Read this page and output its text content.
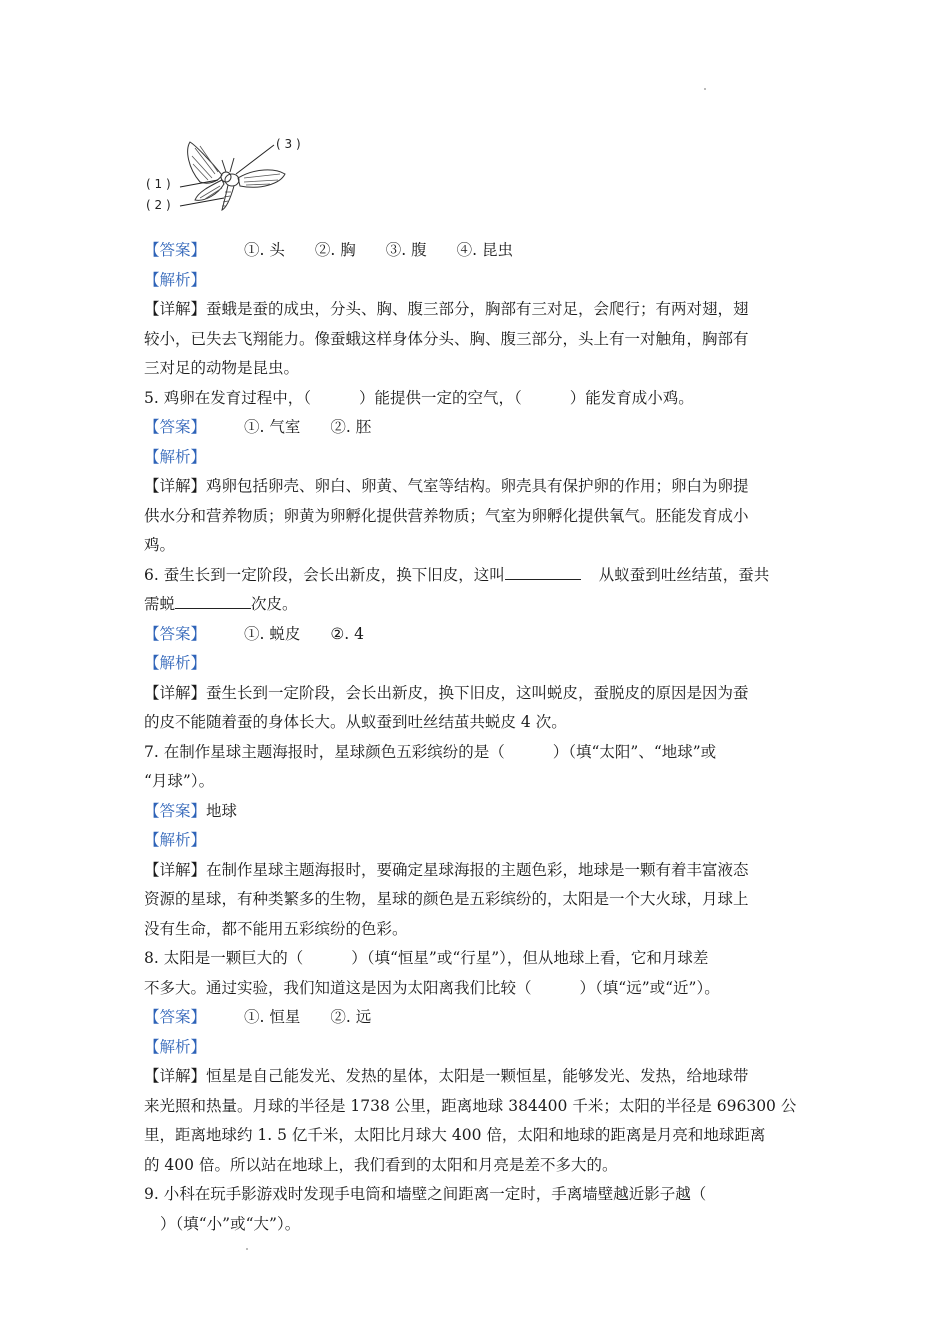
( 1 )
( 2 )
( 3 )
【答案】 ①. 头 ②. 胸 ③. 腹 ④. 昆虫
【解析】
【详解】蚕蛾是蚕的成虫，分头、胸、腹三部分，胸部有三对足，会爬行；有两对翅，翅
较小，已失去飞翔能力。像蚕蛾这样身体分头、胸、腹三部分，头上有一对触角，胸部有
三对足的动物是昆虫。
5. 鸡卵在发育过程中，（	）能提供一定的空气，（	）能发育成小鸡。
【答案】 ①. 气室 ②. 胚
【解析】
【详解】鸡卵包括卵壳、卵白、卵黄、气室等结构。卵壳具有保护卵的作用；卵白为卵提
供水分和营养物质；卵黄为卵孵化提供营养物质；气室为卵孵化提供氧气。胚能发育成小
鸡。
6. 蚕生长到一定阶段，会长出新皮，换下旧皮，这叫	从蚁蚕到吐丝结茧，蚕共
需蜕	次皮。
【答案】 ①. 蜕皮 ②. 4
【解析】
【详解】蚕生长到一定阶段，会长出新皮，换下旧皮，这叫蜕皮，蚕脱皮的原因是因为蚕
的皮不能随着蚕的身体长大。从蚁蚕到吐丝结茧共蜕皮 4 次。
7. 在制作星球主题海报时，星球颜色五彩缤纷的是（	）（填“太阳”、“地球”或
“月球”）。
【答案】地球
【解析】
【详解】在制作星球主题海报时，要确定星球海报的主题色彩，地球是一颗有着丰富液态
资源的星球，有种类繁多的生物，星球的颜色是五彩缤纷的，太阳是一个大火球，月球上
没有生命，都不能用五彩缤纷的色彩。
8. 太阳是一颗巨大的（	）（填“恒星”或“行星”），但从地球上看，它和月球差
不多大。通过实验，我们知道这是因为太阳离我们比较（	）（填“远”或“近”）。
【答案】 ①. 恒星 ②. 远
【解析】
【详解】恒星是自己能发光、发热的星体，太阳是一颗恒星，能够发光、发热，给地球带
来光照和热量。月球的半径是 1738 公里，距离地球 384400 千米；太阳的半径是 696300 公
里，距离地球约 1. 5 亿千米，太阳比月球大 400 倍，太阳和地球的距离是月亮和地球距离
的 400 倍。所以站在地球上，我们看到的太阳和月亮是差不多大的。
9. 小科在玩手影游戏时发现手电筒和墙壁之间距离一定时，手离墙壁越近影子越（
）（填“小”或“大”）。
